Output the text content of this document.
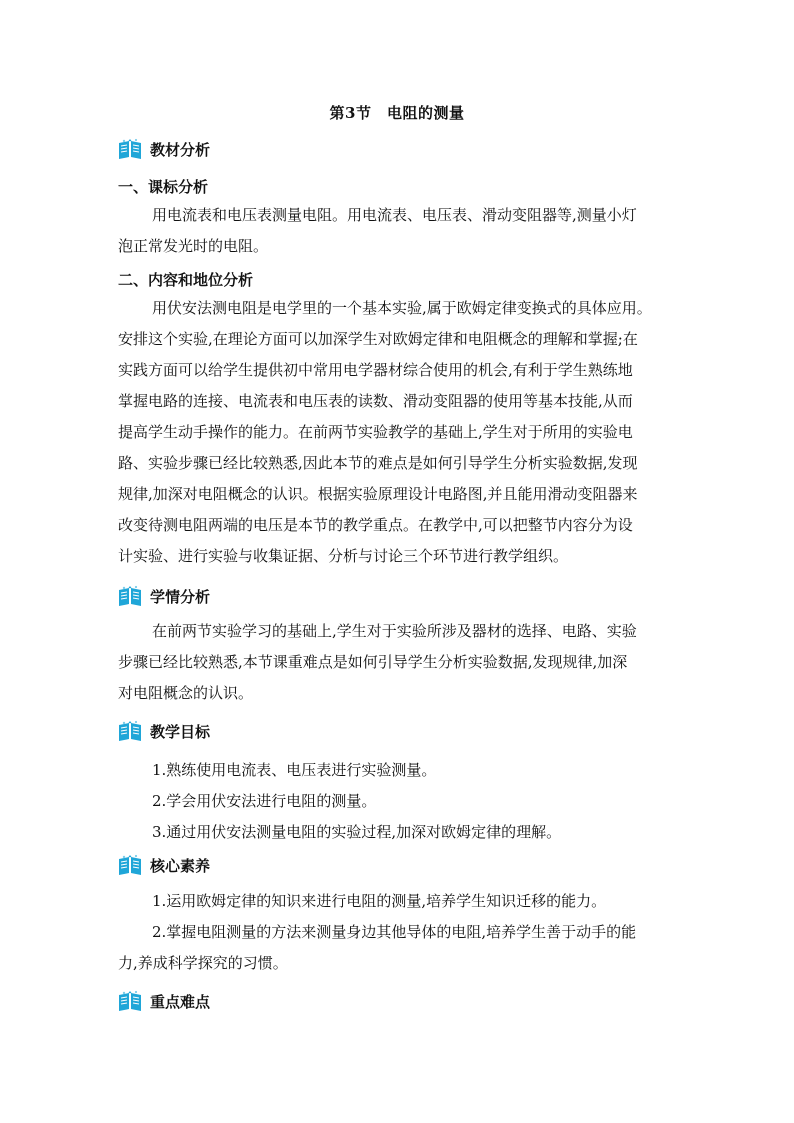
第3节　电阻的测量
教材分析
一、课标分析
用电流表和电压表测量电阻。用电流表、电压表、滑动变阻器等,测量小灯
泡正常发光时的电阻。
二、内容和地位分析
用伏安法测电阻是电学里的一个基本实验,属于欧姆定律变换式的具体应用。
安排这个实验,在理论方面可以加深学生对欧姆定律和电阻概念的理解和掌握;在
实践方面可以给学生提供初中常用电学器材综合使用的机会,有利于学生熟练地
掌握电路的连接、电流表和电压表的读数、滑动变阻器的使用等基本技能,从而
提高学生动手操作的能力。在前两节实验教学的基础上,学生对于所用的实验电
路、实验步骤已经比较熟悉,因此本节的难点是如何引导学生分析实验数据,发现
规律,加深对电阻概念的认识。根据实验原理设计电路图,并且能用滑动变阻器来
改变待测电阻两端的电压是本节的教学重点。在教学中,可以把整节内容分为设
计实验、进行实验与收集证据、分析与讨论三个环节进行教学组织。
学情分析
在前两节实验学习的基础上,学生对于实验所涉及器材的选择、电路、实验
步骤已经比较熟悉,本节课重难点是如何引导学生分析实验数据,发现规律,加深
对电阻概念的认识。
教学目标
1.熟练使用电流表、电压表进行实验测量。
2.学会用伏安法进行电阻的测量。
3.通过用伏安法测量电阻的实验过程,加深对欧姆定律的理解。
核心素养
1.运用欧姆定律的知识来进行电阻的测量,培养学生知识迁移的能力。
2.掌握电阻测量的方法来测量身边其他导体的电阻,培养学生善于动手的能
力,养成科学探究的习惯。
重点难点
